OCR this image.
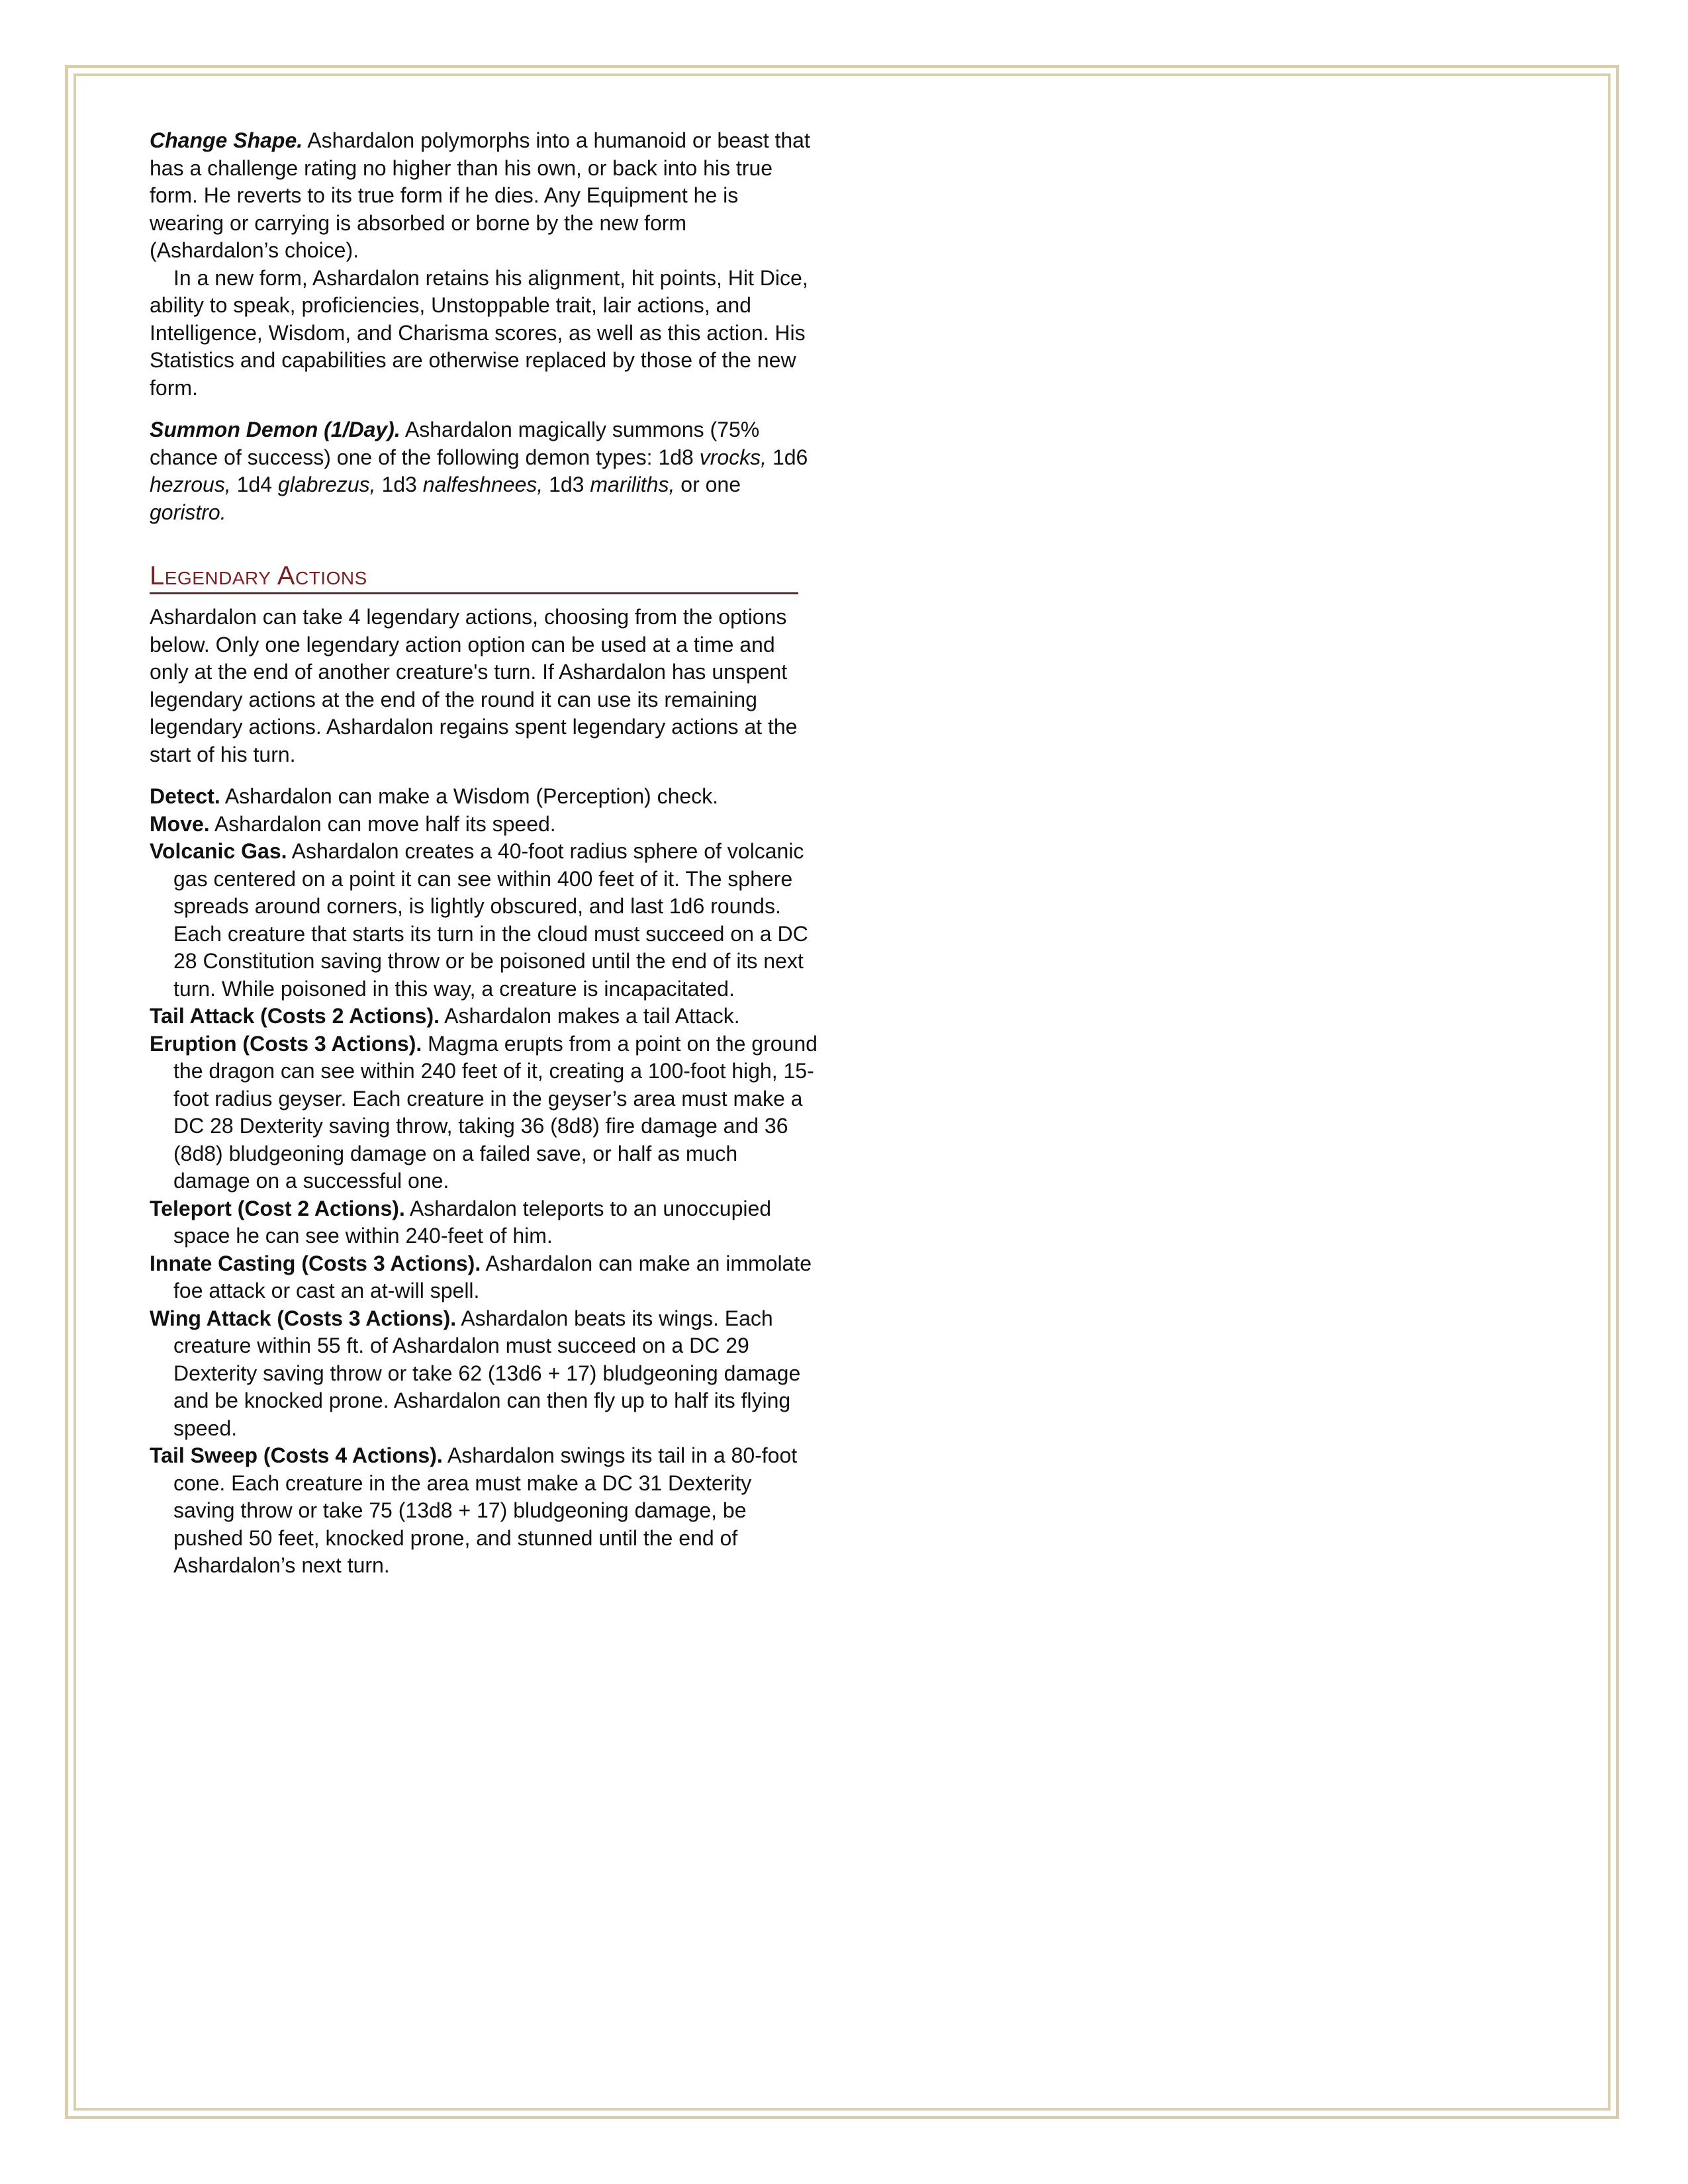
Change Shape. Ashardalon polymorphs into a humanoid or beast that has a challenge rating no higher than his own, or back into his true form. He reverts to its true form if he dies. Any Equipment he is wearing or carrying is absorbed or borne by the new form (Ashardalon’s choice).

In a new form, Ashardalon retains his alignment, hit points, Hit Dice, ability to speak, proficiencies, Unstoppable trait, lair actions, and Intelligence, Wisdom, and Charisma scores, as well as this action. His Statistics and capabilities are otherwise replaced by those of the new form.

Summon Demon (1/Day). Ashardalon magically summons (75% chance of success) one of the following demon types: 1d8 vrocks, 1d6 hezrous, 1d4 glabrezus, 1d3 nalfeshnees, 1d3 mariliths, or one goristro.

Legendary Actions

Ashardalon can take 4 legendary actions, choosing from the options below. Only one legendary action option can be used at a time and only at the end of another creature's turn. If Ashardalon has unspent legendary actions at the end of the round it can use its remaining legendary actions. Ashardalon regains spent legendary actions at the start of his turn.

Detect. Ashardalon can make a Wisdom (Perception) check.

Move. Ashardalon can move half its speed.

Volcanic Gas. Ashardalon creates a 40-foot radius sphere of volcanic gas centered on a point it can see within 400 feet of it. The sphere spreads around corners, is lightly obscured, and last 1d6 rounds. Each creature that starts its turn in the cloud must succeed on a DC 28 Constitution saving throw or be poisoned until the end of its next turn. While poisoned in this way, a creature is incapacitated.

Tail Attack (Costs 2 Actions). Ashardalon makes a tail Attack.

Eruption (Costs 3 Actions). Magma erupts from a point on the ground the dragon can see within 240 feet of it, creating a 100-foot high, 15-foot radius geyser. Each creature in the geyser’s area must make a DC 28 Dexterity saving throw, taking 36 (8d8) fire damage and 36 (8d8) bludgeoning damage on a failed save, or half as much damage on a successful one.

Teleport (Cost 2 Actions). Ashardalon teleports to an unoccupied space he can see within 240-feet of him.

Innate Casting (Costs 3 Actions). Ashardalon can make an immolate foe attack or cast an at-will spell.

Wing Attack (Costs 3 Actions). Ashardalon beats its wings. Each creature within 55 ft. of Ashardalon must succeed on a DC 29 Dexterity saving throw or take 62 (13d6 + 17) bludgeoning damage and be knocked prone. Ashardalon can then fly up to half its flying speed.

Tail Sweep (Costs 4 Actions). Ashardalon swings its tail in a 80-foot cone. Each creature in the area must make a DC 31 Dexterity saving throw or take 75 (13d8 + 17) bludgeoning damage, be pushed 50 feet, knocked prone, and stunned until the end of Ashardalon’s next turn.
